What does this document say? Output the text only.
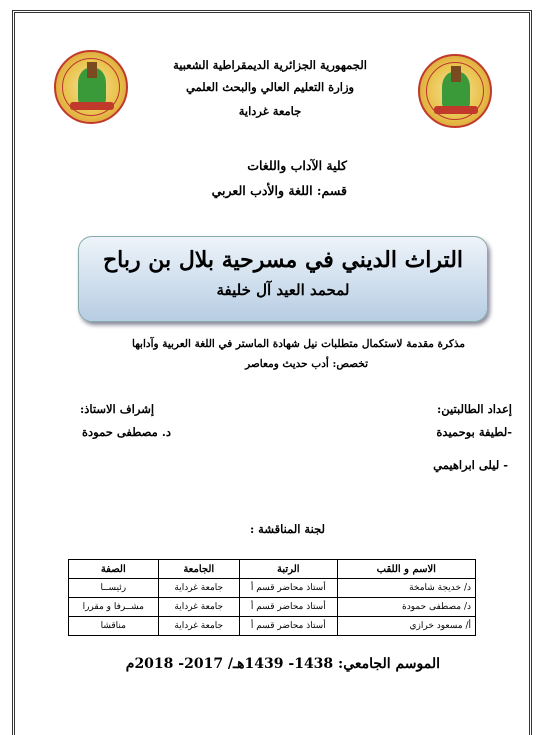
الجمهورية الجزائرية الديمقراطية الشعبية
وزارة التعليم العالي والبحث العلمي
جامعة غرداية
كلية الآداب واللغات
قسم: اللغة والأدب العربي
التراث الديني في مسرحية بلال بن رباح
لمحمد العيد آل خليفة
مذكرة مقدمة لاستكمال متطلبات نيل شهادة الماستر في اللغة العربية وآدابها
تخصص: أدب حديث ومعاصر
إعداد الطالبتين:
-لطيفة بوحميدة
- ليلى ابراهيمي
إشراف الاستاذ:
د. مصطفى حمودة
لجنة المناقشة :
الاسم و اللقب	الرتبة	الجامعة	الصفة
د/ خديجة شامخة	أستاذ محاضر قسم أ	جامعة غرداية	رئيســا
د/ مصطفى حمودة	أستاذ محاضر قسم أ	جامعة غرداية	مشــرفا و مقررا
أ/ مسعود خرازي	أستاذ محاضر قسم أ	جامعة غرداية	مناقشا
الموسم الجامعي: 1438- 1439هـ/ 2017- 2018م
